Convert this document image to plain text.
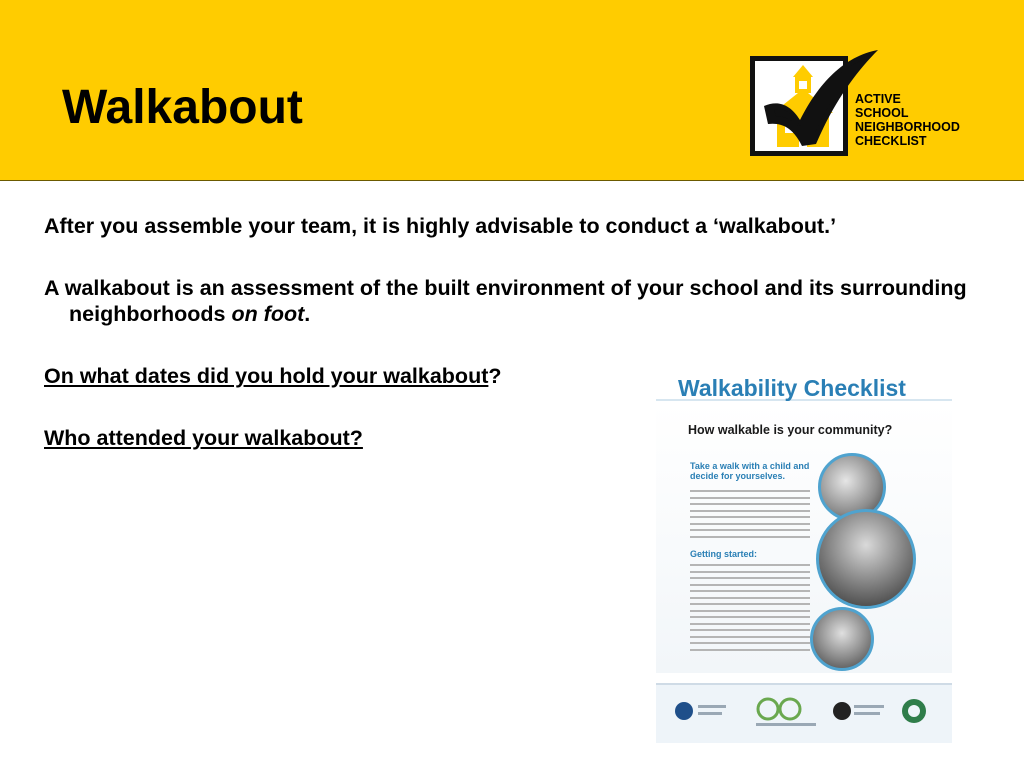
Walkabout	ACTIVE
SCHOOL
NEIGHBORHOOD
CHECKLIST

After you assemble your team, it is highly advisable to conduct a ‘walkabout.’

A walkabout is an assessment of the built environment of your school and its surrounding neighborhoods on foot.

On what dates did you hold your walkabout?

Who attended your walkabout?

Walkability Checklist
How walkable is your community?
Take a walk with a child and decide for yourselves.
Getting started:
